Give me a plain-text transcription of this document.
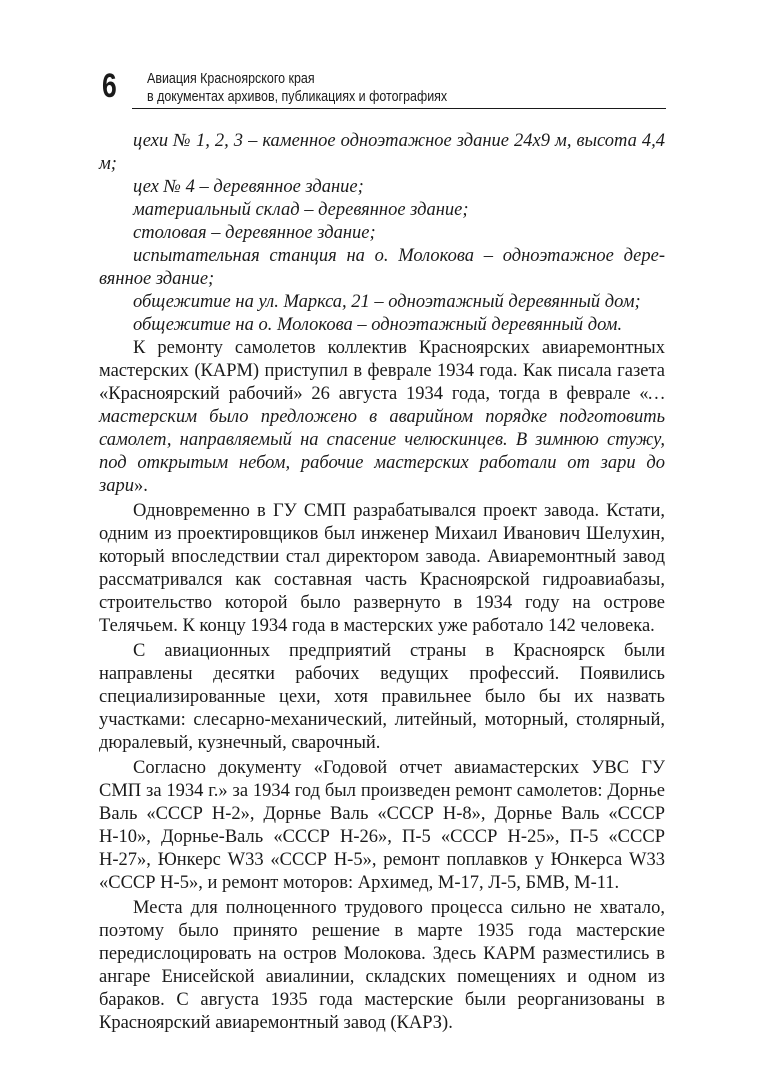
6 Авиация Красноярского края
в документах архивов, публикациях и фотографиях
цехи № 1, 2, 3 – каменное одноэтажное здание 24х9 м, высота 4,4 м;
цех № 4 – деревянное здание;
материальный склад – деревянное здание;
столовая – деревянное здание;
испытательная станция на о. Молокова – одноэтажное дере-
вянное здание;
общежитие на ул. Маркса, 21 – одноэтажный деревянный дом;
общежитие на о. Молокова – одноэтажный деревянный дом.

К ремонту самолетов коллектив Красноярских авиаремонтных мастерских (КАРМ) приступил в феврале 1934 года. Как писала газета «Красноярский рабочий» 26 августа 1934 года, тогда в феврале «…мастерским было предложено в аварийном порядке подготовить самолет, направляемый на спасение челюскинцев. В зимнюю стужу, под открытым небом, рабочие мастерских работали от зари до зари».

Одновременно в ГУ СМП разрабатывался проект завода. Кстати, одним из проектировщиков был инженер Михаил Иванович Шелухин, который впоследствии стал директором завода. Авиаремонтный завод рассматривался как составная часть Красноярской гидроавиабазы, строительство которой было развернуто в 1934 году на острове Телячьем. К концу 1934 года в мастерских уже работало 142 человека.

С авиационных предприятий страны в Красноярск были направлены десятки рабочих ведущих профессий. Появились специализированные цехи, хотя правильнее было бы их назвать участками: слесарно-механический, литейный, моторный, столярный, дюралевый, кузнечный, сварочный.

Согласно документу «Годовой отчет авиамастерских УВС ГУ СМП за 1934 г.» за 1934 год был произведен ремонт самолетов: Дорнье Валь «СССР Н-2», Дорнье Валь «СССР Н-8», Дорнье Валь «СССР Н-10», Дорнье-Валь «СССР Н-26», П-5 «СССР Н-25», П-5 «СССР Н-27», Юнкерс W33 «СССР Н-5», ремонт поплавков у Юнкерса W33 «СССР Н-5», и ремонт моторов: Архимед, М-17, Л-5, БМВ, М-11.

Места для полноценного трудового процесса сильно не хватало, поэтому было принято решение в марте 1935 года мастерские передислоцировать на остров Молокова. Здесь КАРМ разместились в ангаре Енисейской авиалинии, складских помещениях и одном из бараков. С августа 1935 года мастерские были реорганизованы в Красноярский авиаремонтный завод (КАРЗ).
